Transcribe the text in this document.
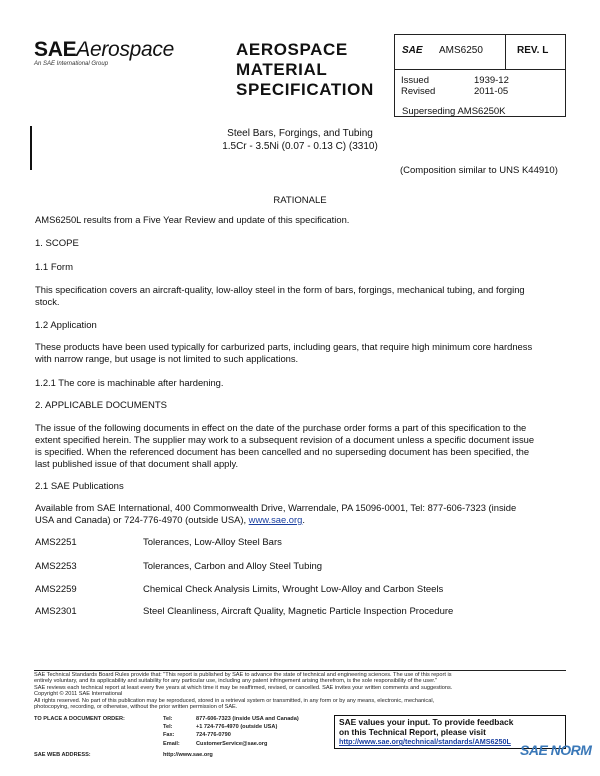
SAEAerospace
An SAE International Group
AEROSPACE
MATERIAL
SPECIFICATION
SAE AMS6250	REV. L
Issued	1939-12
Revised	2011-05
Superseding AMS6250K
Steel Bars, Forgings, and Tubing
1.5Cr - 3.5Ni (0.07 - 0.13 C) (3310)
(Composition similar to UNS K44910)
RATIONALE
AMS6250L results from a Five Year Review and update of this specification.
1. SCOPE
1.1 Form
This specification covers an aircraft-quality, low-alloy steel in the form of bars, forgings, mechanical tubing, and forging
stock.
1.2 Application
These products have been used typically for carburized parts, including gears, that require high minimum core hardness
with narrow range, but usage is not limited to such applications.
1.2.1 The core is machinable after hardening.
2. APPLICABLE DOCUMENTS
The issue of the following documents in effect on the date of the purchase order forms a part of this specification to the
extent specified herein. The supplier may work to a subsequent revision of a document unless a specific document issue
is specified. When the referenced document has been cancelled and no superseding document has been specified, the
last published issue of that document shall apply.
2.1 SAE Publications
Available from SAE International, 400 Commonwealth Drive, Warrendale, PA 15096-0001, Tel: 877-606-7323 (inside
USA and Canada) or 724-776-4970 (outside USA), www.sae.org.
AMS2251	Tolerances, Low-Alloy Steel Bars
AMS2253	Tolerances, Carbon and Alloy Steel Tubing
AMS2259	Chemical Check Analysis Limits, Wrought Low-Alloy and Carbon Steels
AMS2301	Steel Cleanliness, Aircraft Quality, Magnetic Particle Inspection Procedure
SAE Technical Standards Board Rules provide that: "This report is published by SAE to advance the state of technical and engineering sciences. The use of this report is
entirely voluntary, and its applicability and suitability for any particular use, including any patent infringement arising therefrom, is the sole responsibility of the user."
SAE reviews each technical report at least every five years at which time it may be reaffirmed, revised, or cancelled. SAE invites your written comments and suggestions.
Copyright © 2011 SAE International
All rights reserved. No part of this publication may be reproduced, stored in a retrieval system or transmitted, in any form or by any means, electronic, mechanical,
photocopying, recording, or otherwise, without the prior written permission of SAE.
TO PLACE A DOCUMENT ORDER:	Tel:	877-606-7323 (inside USA and Canada)
Tel:	+1 724-776-4970 (outside USA)
Fax:	724-776-0790
Email:	CustomerService@sae.org
SAE WEB ADDRESS:	http://www.sae.org
SAE values your input. To provide feedback
on this Technical Report, please visit
http://www.sae.org/technical/standards/AMS6250L
SAE NORM
